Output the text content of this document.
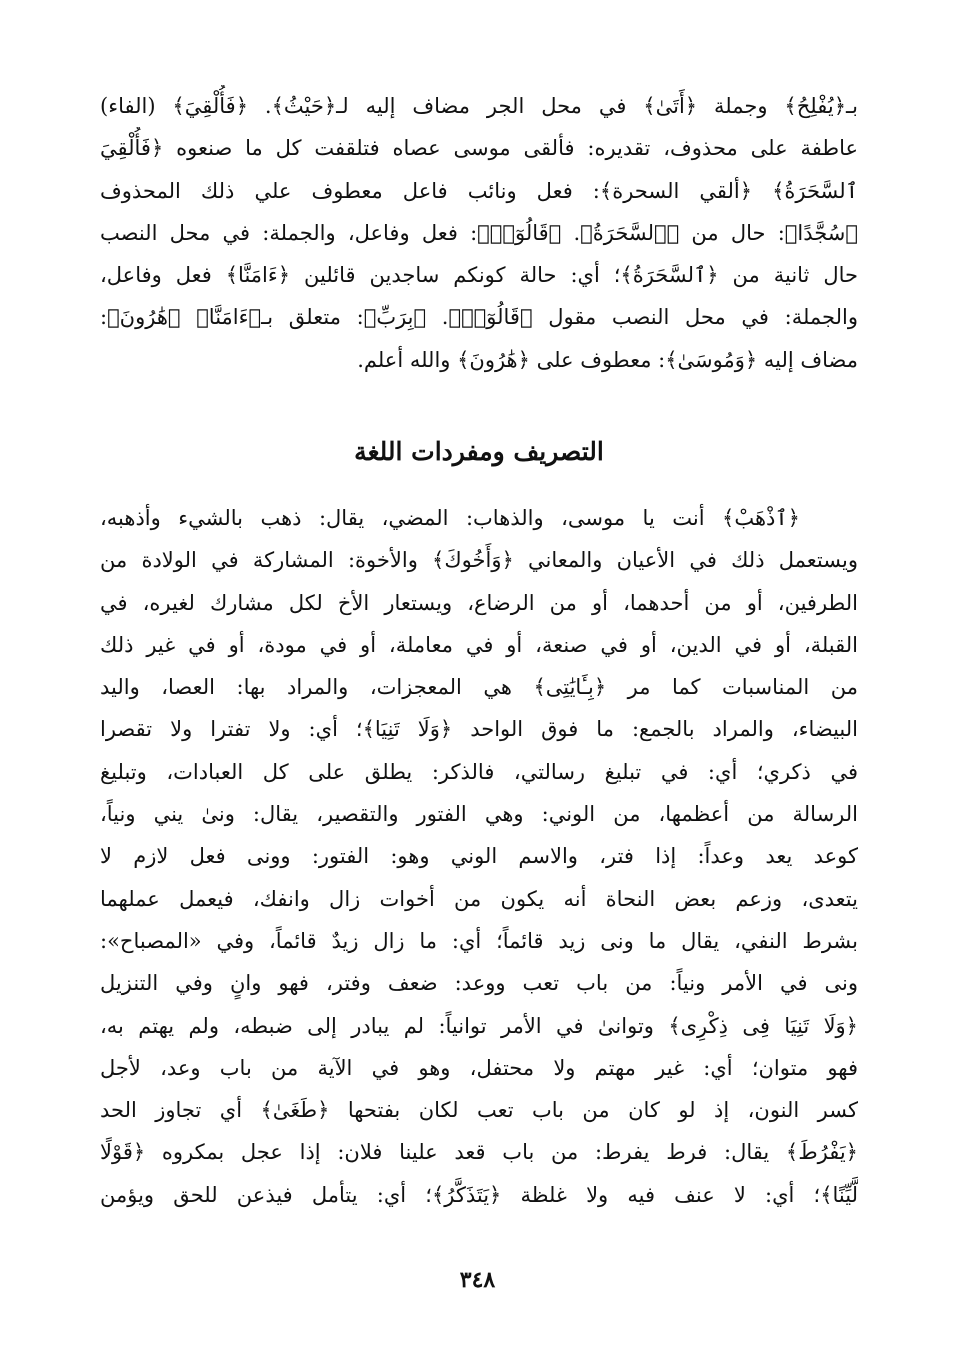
بـ﴿يُفْلِحُ﴾ وجملة ﴿أَتَىٰ﴾ في محل الجر مضاف إليه لـ﴿حَيْثُ﴾. ﴿فَأُلْقِيَ﴾ (الفاء)
عاطفة على محذوف، تقديره: فألقى موسى عصاه فتلقفت كل ما صنعوه ﴿فَأُلْقِيَ
ٱلسَّحَرَةُ﴾ ﴿ألقي السحرة﴾: فعل ونائب فاعل معطوف علي ذلك المحذوف
﴿سُجَّدًا﴾: حال من ﴿ٱلسَّحَرَةُ﴾. ﴿قَالُوٓا۟﴾: فعل وفاعل، والجملة: في محل النصب
حال ثانية من ﴿ٱلسَّحَرَةُ﴾؛ أي: حالة كونكم ساجدين قائلين ﴿ءَامَنَّا﴾ فعل وفاعل،
والجملة: في محل النصب مقول ﴿قَالُوٓا۟﴾. ﴿بِرَبِّ﴾: متعلق بـ﴿ءَامَنَّا﴾ ﴿هَٰرُونَ﴾:
مضاف إليه ﴿وَمُوسَىٰ﴾: معطوف على ﴿هَٰرُونَ﴾ والله أعلم.
التصريف ومفردات اللغة
﴿ٱذْهَبْ﴾ أنت يا موسى، والذهاب: المضي، يقال: ذهب بالشيء وأذهبه،
ويستعمل ذلك في الأعيان والمعاني ﴿وَأَخُوكَ﴾ والأخوة: المشاركة في الولادة من
الطرفين، أو من أحدهما، أو من الرضاع، ويستعار الأخ لكل مشارك لغيره، في
القبلة، أو في الدين، أو في صنعة، أو في معاملة، أو في مودة، أو في غير ذلك
من المناسبات كما مر ﴿بِـَٔايَٰتِى﴾ هي المعجزات، والمراد بها: العصا، واليد
البيضاء، والمراد بالجمع: ما فوق الواحد ﴿وَلَا تَنِيَا﴾؛ أي: ولا تفترا ولا تقصرا
في ذكري؛ أي: في تبليغ رسالتي، فالذكر: يطلق على كل العبادات، وتبليغ
الرسالة من أعظمها، من الوني: وهي الفتور والتقصير، يقال: ونىٰ يني ونياً،
كوعد يعد وعداً: إذا فتر، والاسم الوني وهو: الفتور: وونى فعل لازم لا
يتعدى، وزعم بعض النحاة أنه يكون من أخوات زال وانفك، فيعمل عملهما
بشرط النفي، يقال ما ونى زيد قائماً؛ أي: ما زال زيدٌ قائماً، وفي «المصباح»:
ونى في الأمر ونياً: من باب تعب ووعد: ضعف وفتر، فهو وانٍ وفي التنزيل
﴿وَلَا تَنِيَا فِى ذِكْرِى﴾ وتوانىٰ في الأمر توانياً: لم يبادر إلى ضبطه، ولم يهتم به،
فهو متوان؛ أي: غير مهتم ولا محتفل، وهو في الآية من باب وعد، لأجل
كسر النون، إذ لو كان من باب تعب لكان بفتحها ﴿طَغَىٰ﴾ أي تجاوز الحد
﴿يَفْرُطَ﴾ يقال: فرط يفرط: من باب قعد علينا فلان: إذا عجل بمكروه ﴿قَوْلًا
لَّيِّنًا﴾؛ أي: لا عنف فيه ولا غلظة ﴿يَتَذَكَّرُ﴾؛ أي: يتأمل فيذعن للحق ويؤمن
٣٤٨
